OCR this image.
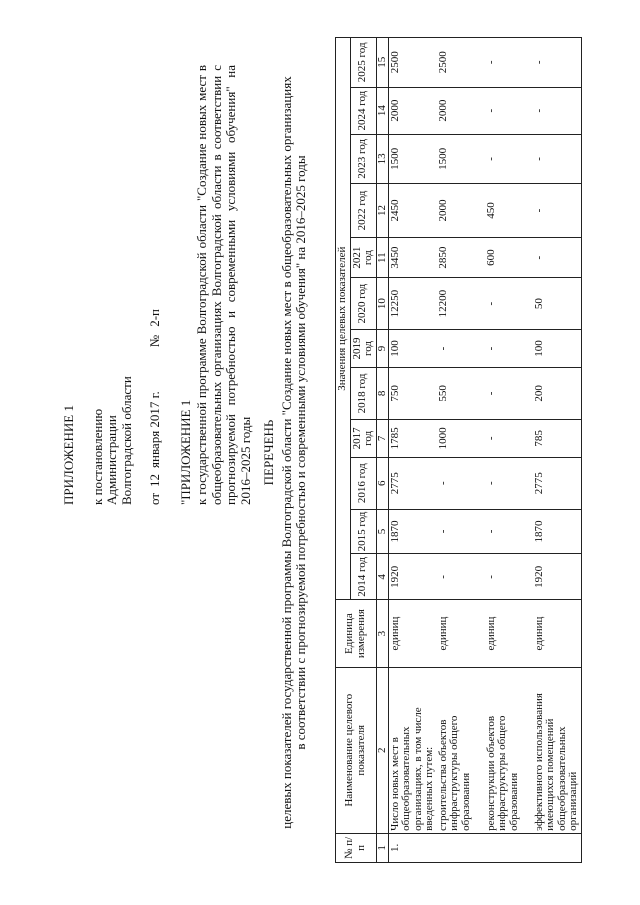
ПРИЛОЖЕНИЕ 1 к постановлению Администрации Волгоградской области от12января 2017 г.№2-п
"ПРИЛОЖЕНИЕ 1 к государственной программе Волгоградской области "Создание новых мест в общеобразовательных организациях Волгоградской области в соответствии с прогнозируемой потребностью и современными условиями обучения" на 2016–2025 годы ПЕРЕЧЕНЬ целевых показателей государственной программы Волгоградской области "Создание новых мест в общеобразовательных организациях в соответствии с прогнозируемой потребностью и современными условиями обучения" на 2016–2025 годы
№ п/п	Наименование целевого показателя	Единица измерения	Значения целевых показателей											
			2014 год	2015 год	2016 год	2017 год	2018 год	2019 год	2020 год	2021 год	2022 год	2023 год	2024 год	2025 год
1	2	3	4	5	6	7	8	9	10	11	12	13	14	15
1.	Число новых мест в общеобразовательных организациях, в том числе введенных путем:	единиц	1920	1870	2775	1785	750	100	12250	3450	2450	1500	2000	2500
	строительства объектов инфраструктуры общего образования	единиц	-	-	-	1000	550	-	12200	2850	2000	1500	2000	2500
	реконструкции объектов инфраструктуры общего образования	единиц	-	-	-	-	-	-	-	600	450	-	-	-
	эффективного использования имеющихся помещений общеобразовательных организаций	единиц	1920	1870	2775	785	200	100	50	-	-	-	-	-
